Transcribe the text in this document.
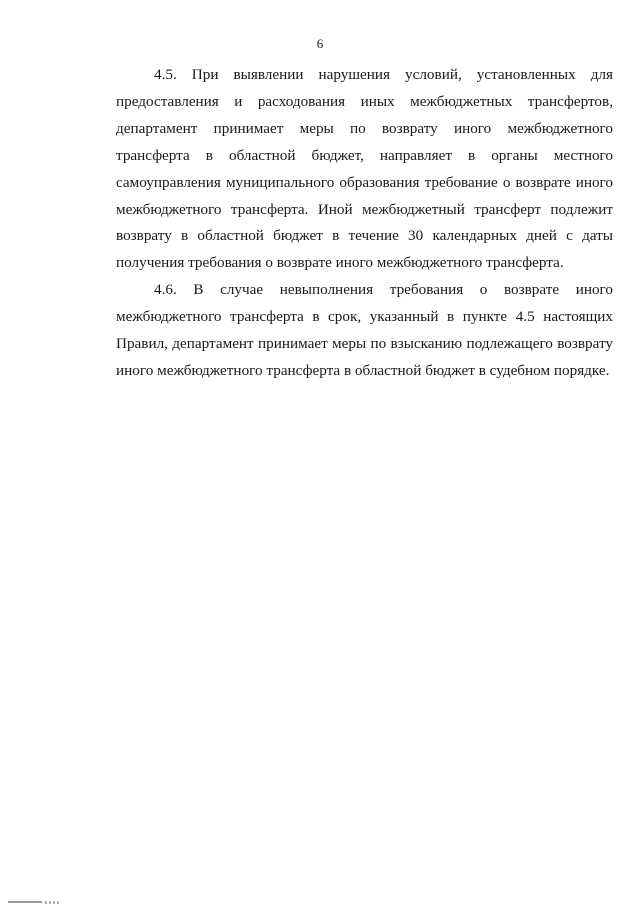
6

4.5. При выявлении нарушения условий, установленных для предоставления и расходования иных межбюджетных трансфертов, департамент принимает меры по возврату иного межбюджетного трансферта в областной бюджет, направляет в органы местного самоуправления муниципального образования требование о возврате иного межбюджетного трансферта. Иной межбюджетный трансферт подлежит возврату в областной бюджет в течение 30 календарных дней с даты получения требования о возврате иного межбюджетного трансферта.

4.6. В случае невыполнения требования о возврате иного межбюджетного трансферта в срок, указанный в пункте 4.5 настоящих Правил, департамент принимает меры по взысканию подлежащего возврату иного межбюджетного трансферта в областной бюджет в судебном порядке.
